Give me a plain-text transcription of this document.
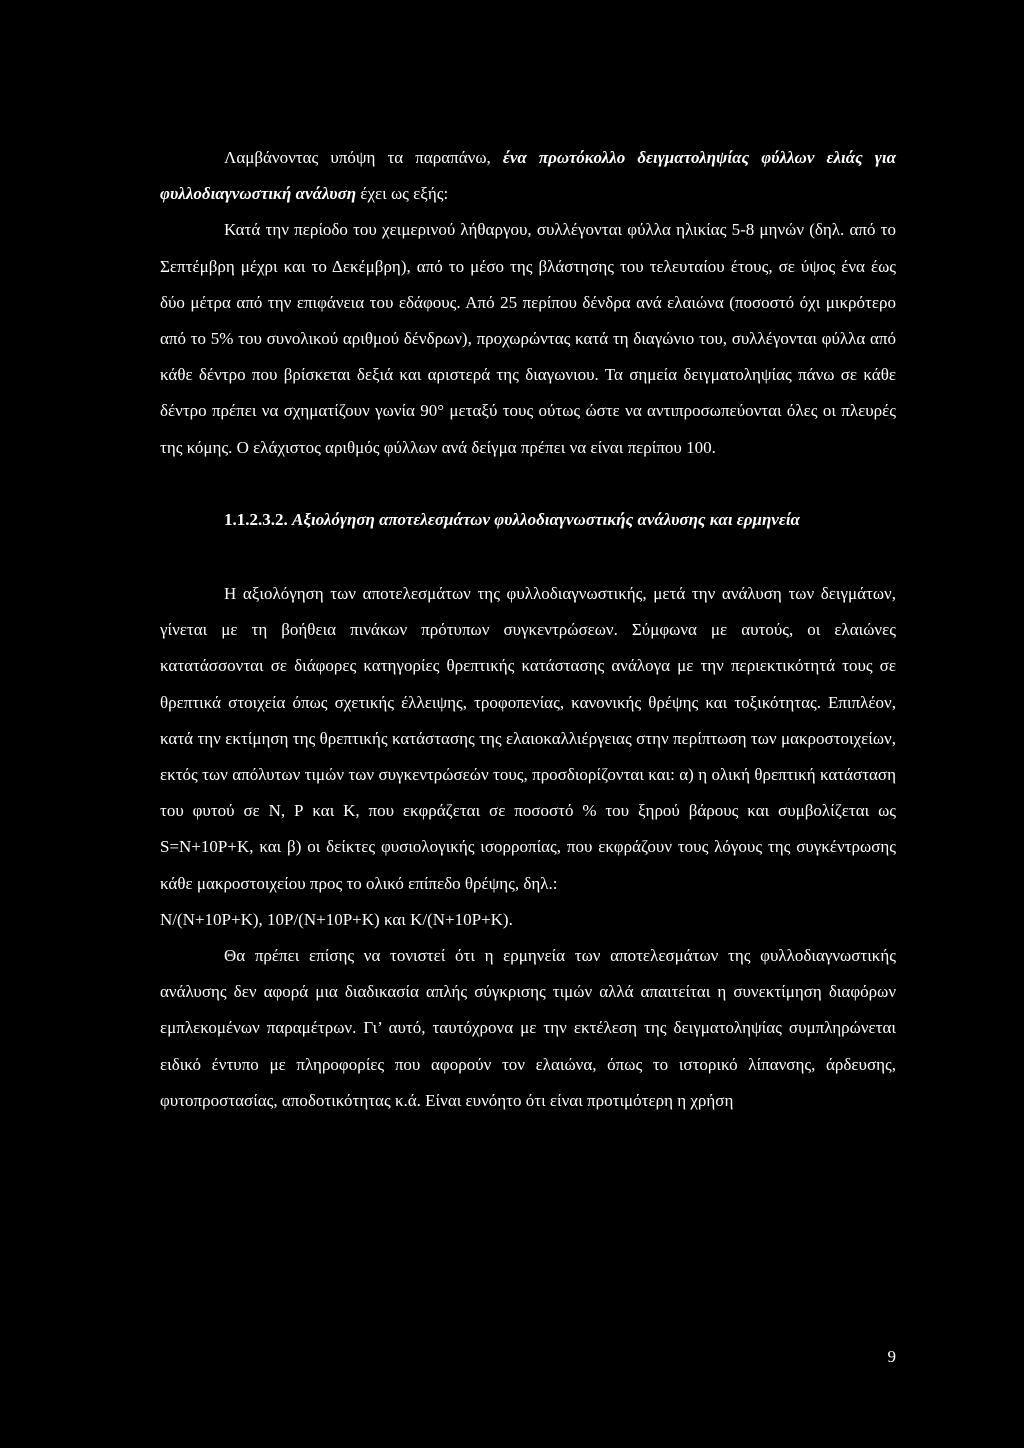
Λαμβάνοντας υπόψη τα παραπάνω, ένα πρωτόκολλο δειγματοληψίας φύλλων ελιάς για φυλλοδιαγνωστική ανάλυση έχει ως εξής:

Κατά την περίοδο του χειμερινού λήθαργου, συλλέγονται φύλλα ηλικίας 5-8 μηνών (δηλ. από το Σεπτέμβρη μέχρι και το Δεκέμβρη), από το μέσο της βλάστησης του τελευταίου έτους, σε ύψος ένα έως δύο μέτρα από την επιφάνεια του εδάφους. Από 25 περίπου δένδρα ανά ελαιώνα (ποσοστό όχι μικρότερο από το 5% του συνολικού αριθμού δένδρων), προχωρώντας κατά τη διαγώνιο του, συλλέγονται φύλλα από κάθε δέντρο που βρίσκεται δεξιά και αριστερά της διαγωνιου. Τα σημεία δειγματοληψίας πάνω σε κάθε δέντρο πρέπει να σχηματίζουν γωνία 90° μεταξύ τους ούτως ώστε να αντιπροσωπεύονται όλες οι πλευρές της κόμης. Ο ελάχιστος αριθμός φύλλων ανά δείγμα πρέπει να είναι περίπου 100.

1.1.2.3.2. Αξιολόγηση αποτελεσμάτων φυλλοδιαγνωστικής ανάλυσης και ερμηνεία

Η αξιολόγηση των αποτελεσμάτων της φυλλοδιαγνωστικής, μετά την ανάλυση των δειγμάτων, γίνεται με τη βοήθεια πινάκων πρότυπων συγκεντρώσεων. Σύμφωνα με αυτούς, οι ελαιώνες κατατάσσονται σε διάφορες κατηγορίες θρεπτικής κατάστασης ανάλογα με την περιεκτικότητά τους σε θρεπτικά στοιχεία όπως σχετικής έλλειψης, τροφοπενίας, κανονικής θρέψης και τοξικότητας. Επιπλέον, κατά την εκτίμηση της θρεπτικής κατάστασης της ελαιοκαλλιέργειας στην περίπτωση των μακροστοιχείων, εκτός των απόλυτων τιμών των συγκεντρώσεών τους, προσδιορίζονται και: α) η ολική θρεπτική κατάσταση του φυτού σε Ν, Ρ και Κ, που εκφράζεται σε ποσοστό % του ξηρού βάρους και συμβολίζεται ως S=N+10P+K, και β) οι δείκτες φυσιολογικής ισορροπίας, που εκφράζουν τους λόγους της συγκέντρωσης κάθε μακροστοιχείου προς το ολικό επίπεδο θρέψης, δηλ.:

N/(N+10P+K), 10P/(N+10P+K) και K/(N+10P+K).

Θα πρέπει επίσης να τονιστεί ότι η ερμηνεία των αποτελεσμάτων της φυλλοδιαγνωστικής ανάλυσης δεν αφορά μια διαδικασία απλής σύγκρισης τιμών αλλά απαιτείται η συνεκτίμηση διαφόρων εμπλεκομένων παραμέτρων. Γι’ αυτό, ταυτόχρονα με την εκτέλεση της δειγματοληψίας συμπληρώνεται ειδικό έντυπο με πληροφορίες που αφορούν τον ελαιώνα, όπως το ιστορικό λίπανσης, άρδευσης, φυτοπροστασίας, αποδοτικότητας κ.ά. Είναι ευνόητο ότι είναι προτιμότερη η χρήση

9
